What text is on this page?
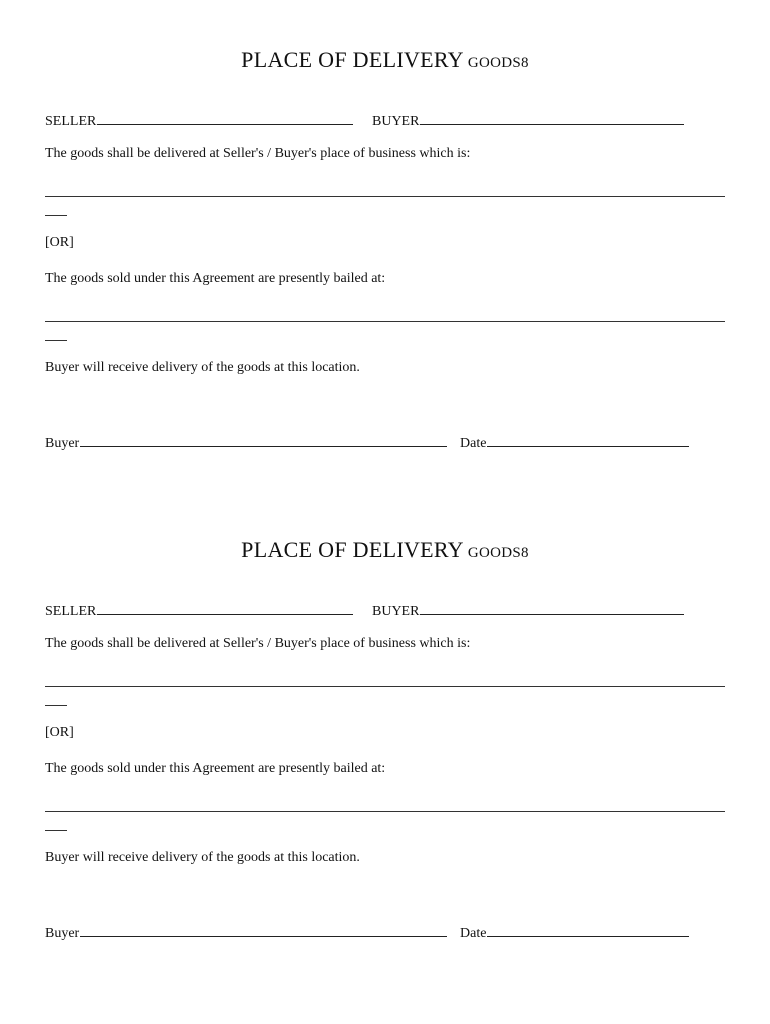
PLACE OF DELIVERY GOODS8
SELLER	BUYER
The goods shall be delivered at Seller's / Buyer's place of business which is:
[OR]
The goods sold under this Agreement are presently bailed at:
Buyer will receive delivery of the goods at this location.
Buyer	Date
PLACE OF DELIVERY GOODS8
SELLER	BUYER
The goods shall be delivered at Seller's / Buyer's place of business which is:
[OR]
The goods sold under this Agreement are presently bailed at:
Buyer will receive delivery of the goods at this location.
Buyer	Date
